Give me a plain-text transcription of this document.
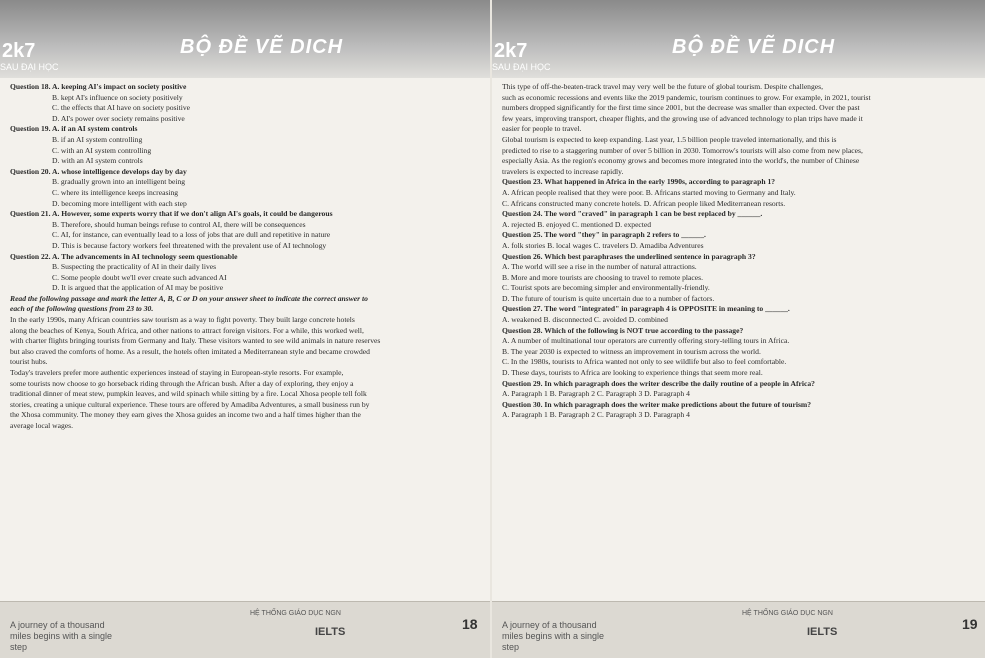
2k7	BỘ ĐỀ VẼ DICH
SAU ĐẠI HỌC
Question 18. A. keeping AI's impact on society positive
B. kept AI's influence on society positively
C. the effects that AI have on society positive
D. AI's power over society remains positive
Question 19. A. if an AI system controls
B. if an AI system controlling
C. with an AI system controlling
D. with an AI system controls
Question 20. A. whose intelligence develops day by day
B. gradually grown into an intelligent being
C. where its intelligence keeps increasing
D. becoming more intelligent with each step
Question 21. A. However, some experts worry that if we don't align AI's goals, it could be dangerous
B. Therefore, should human beings refuse to control AI, there will be consequences
C. AI, for instance, can eventually lead to a loss of jobs that are dull and repetitive in nature
D. This is because factory workers feel threatened with the prevalent use of AI technology
Question 22. A. The advancements in AI technology seem questionable
B. Suspecting the practicality of AI in their daily lives
C. Some people doubt we'll ever create such advanced AI
D. It is argued that the application of AI may be positive
Read the following passage and mark the letter A, B, C or D on your answer sheet to indicate the correct answer to
each of the following questions from 23 to 30.
In the early 1990s, many African countries saw tourism as a way to fight poverty. They built large concrete hotels
along the beaches of Kenya, South Africa, and other nations to attract foreign visitors. For a while, this worked well,
with charter flights bringing tourists from Germany and Italy. These visitors wanted to see wild animals in nature reserves
but also craved the comforts of home. As a result, the hotels often imitated a Mediterranean style and became crowded
tourist hubs.
Today's travelers prefer more authentic experiences instead of staying in European-style resorts. For example,
some tourists now choose to go horseback riding through the African bush. After a day of exploring, they enjoy a
traditional dinner of meat stew, pumpkin leaves, and wild spinach while sitting by a fire. Local Xhosa people tell folk
stories, creating a unique cultural experience. These tours are offered by Amadiba Adventures, a small business run by
the Xhosa community. The money they earn gives the Xhosa guides an income two and a half times higher than the
average local wages.
A journey of a thousand miles begins with a single step
HỆ THỐNG GIÁO DỤC NGN
IELTS	18
2k7	BỘ ĐỀ VẼ DICH
SAU ĐẠI HỌC
This type of off-the-beaten-track travel may very well be the future of global tourism. Despite challenges,
such as economic recessions and events like the 2019 pandemic, tourism continues to grow. For example, in 2021, tourist
numbers dropped significantly for the first time since 2001, but the decrease was smaller than expected. Over the past
few years, improving transport, cheaper flights, and the growing use of advanced technology to plan trips have made it
easier for people to travel.
Global tourism is expected to keep expanding. Last year, 1.5 billion people traveled internationally, and this is
predicted to rise to a staggering number of over 5 billion in 2030. Tomorrow's tourists will also come from new places,
especially Asia. As the region's economy grows and becomes more integrated into the world's, the number of Chinese
travelers is expected to increase rapidly.
Question 23. What happened in Africa in the early 1990s, according to paragraph 1?
A. African people realised that they were poor. B. Africans started moving to Germany and Italy.
C. Africans constructed many concrete hotels. D. African people liked Mediterranean resorts.
Question 24. The word "craved" in paragraph 1 can be best replaced by ______.
A. rejected B. enjoyed C. mentioned D. expected
Question 25. The word "they" in paragraph 2 refers to ______.
A. folk stories B. local wages C. travelers D. Amadiba Adventures
Question 26. Which best paraphrases the underlined sentence in paragraph 3?
A. The world will see a rise in the number of natural attractions.
B. More and more tourists are choosing to travel to remote places.
C. Tourist spots are becoming simpler and environmentally-friendly.
D. The future of tourism is quite uncertain due to a number of factors.
Question 27. The word "integrated" in paragraph 4 is OPPOSITE in meaning to ______.
A. weakened B. disconnected C. avoided D. combined
Question 28. Which of the following is NOT true according to the passage?
A. A number of multinational tour operators are currently offering story-telling tours in Africa.
B. The year 2030 is expected to witness an improvement in tourism across the world.
C. In the 1980s, tourists to Africa wanted not only to see wildlife but also to feel comfortable.
D. These days, tourists to Africa are looking to experience things that seem more real.
Question 29. In which paragraph does the writer describe the daily routine of a people in Africa?
A. Paragraph 1 B. Paragraph 2 C. Paragraph 3 D. Paragraph 4
Question 30. In which paragraph does the writer make predictions about the future of tourism?
A. Paragraph 1 B. Paragraph 2 C. Paragraph 3 D. Paragraph 4
A journey of a thousand miles begins with a single step
HỆ THỐNG GIÁO DỤC NGN
IELTS	19
